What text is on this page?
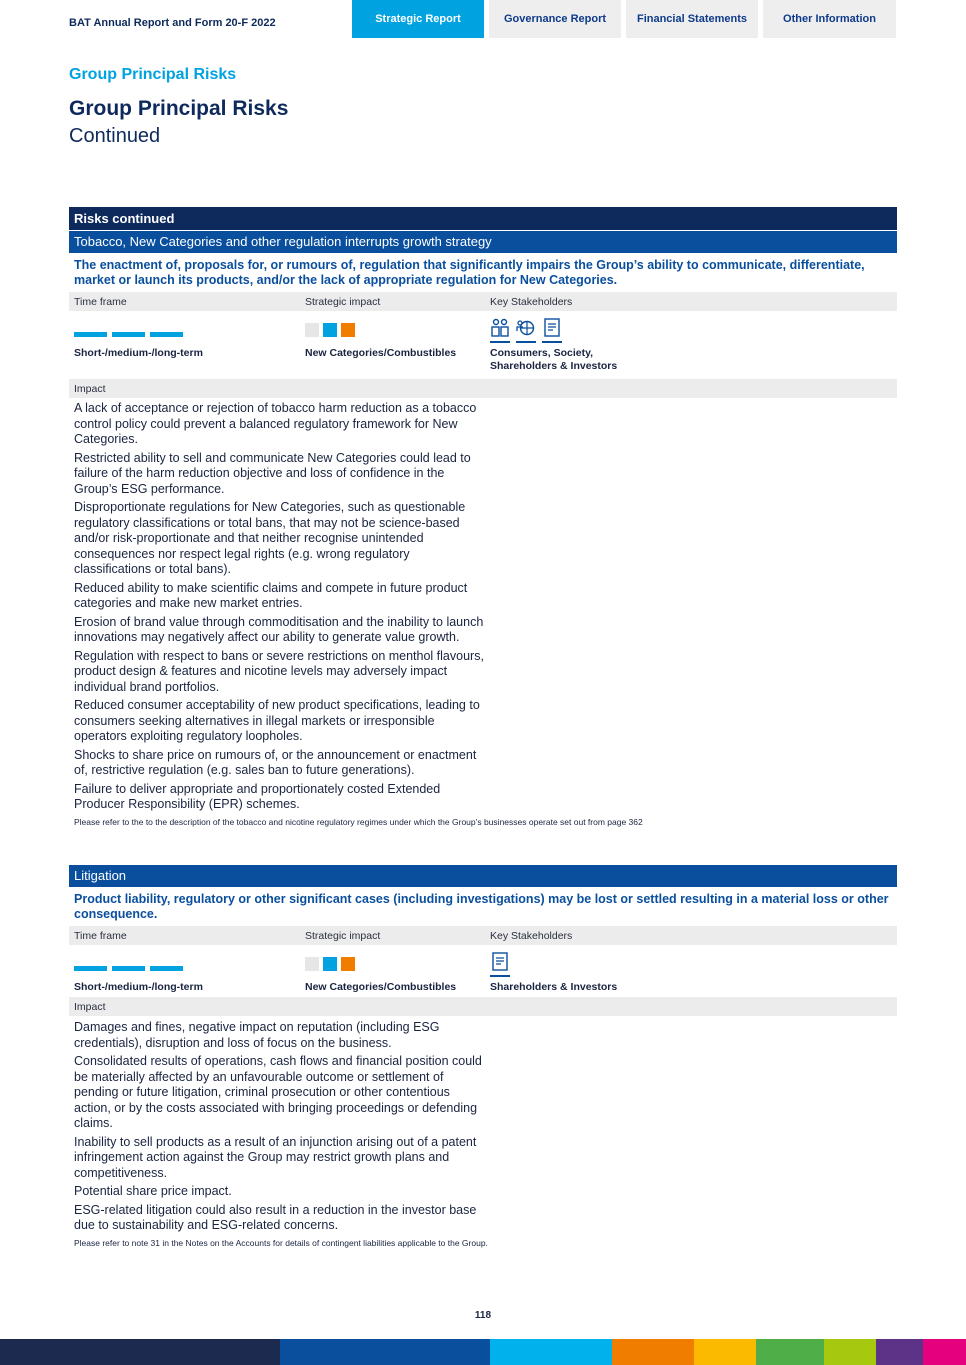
BAT Annual Report and Form 20-F 2022	Strategic Report	Governance Report	Financial Statements	Other Information
Group Principal Risks
Group Principal Risks
Continued
Risks continued
Tobacco, New Categories and other regulation interrupts growth strategy
The enactment of, proposals for, or rumours of, regulation that significantly impairs the Group’s ability to communicate, differentiate, market or launch its products, and/or the lack of appropriate regulation for New Categories.
Time frame	Strategic impact	Key Stakeholders
Short-/medium-/long-term	New Categories/Combustibles	Consumers, Society, Shareholders & Investors
Impact

A lack of acceptance or rejection of tobacco harm reduction as a tobacco control policy could prevent a balanced regulatory framework for New Categories.

Restricted ability to sell and communicate New Categories could lead to failure of the harm reduction objective and loss of confidence in the Group’s ESG performance.

Disproportionate regulations for New Categories, such as questionable regulatory classifications or total bans, that may not be science-based and/or risk-proportionate and that neither recognise unintended consequences nor respect legal rights (e.g. wrong regulatory classifications or total bans).

Reduced ability to make scientific claims and compete in future product categories and make new market entries.

Erosion of brand value through commoditisation and the inability to launch innovations may negatively affect our ability to generate value growth.

Regulation with respect to bans or severe restrictions on menthol flavours, product design & features and nicotine levels may adversely impact individual brand portfolios.

Reduced consumer acceptability of new product specifications, leading to consumers seeking alternatives in illegal markets or irresponsible operators exploiting regulatory loopholes.

Shocks to share price on rumours of, or the announcement or enactment of, restrictive regulation (e.g. sales ban to future generations).

Failure to deliver appropriate and proportionately costed Extended Producer Responsibility (EPR) schemes.

Please refer to the to the description of the tobacco and nicotine regulatory regimes under which the Group’s businesses operate set out from page 362
Litigation
Product liability, regulatory or other significant cases (including investigations) may be lost or settled resulting in a material loss or other consequence.
Time frame	Strategic impact	Key Stakeholders
Short-/medium-/long-term	New Categories/Combustibles	Shareholders & Investors
Impact

Damages and fines, negative impact on reputation (including ESG credentials), disruption and loss of focus on the business.

Consolidated results of operations, cash flows and financial position could be materially affected by an unfavourable outcome or settlement of pending or future litigation, criminal prosecution or other contentious action, or by the costs associated with bringing proceedings or defending claims.

Inability to sell products as a result of an injunction arising out of a patent infringement action against the Group may restrict growth plans and competitiveness.

Potential share price impact.

ESG-related litigation could also result in a reduction in the investor base due to sustainability and ESG-related concerns.

Please refer to note 31 in the Notes on the Accounts for details of contingent liabilities applicable to the Group.
118
